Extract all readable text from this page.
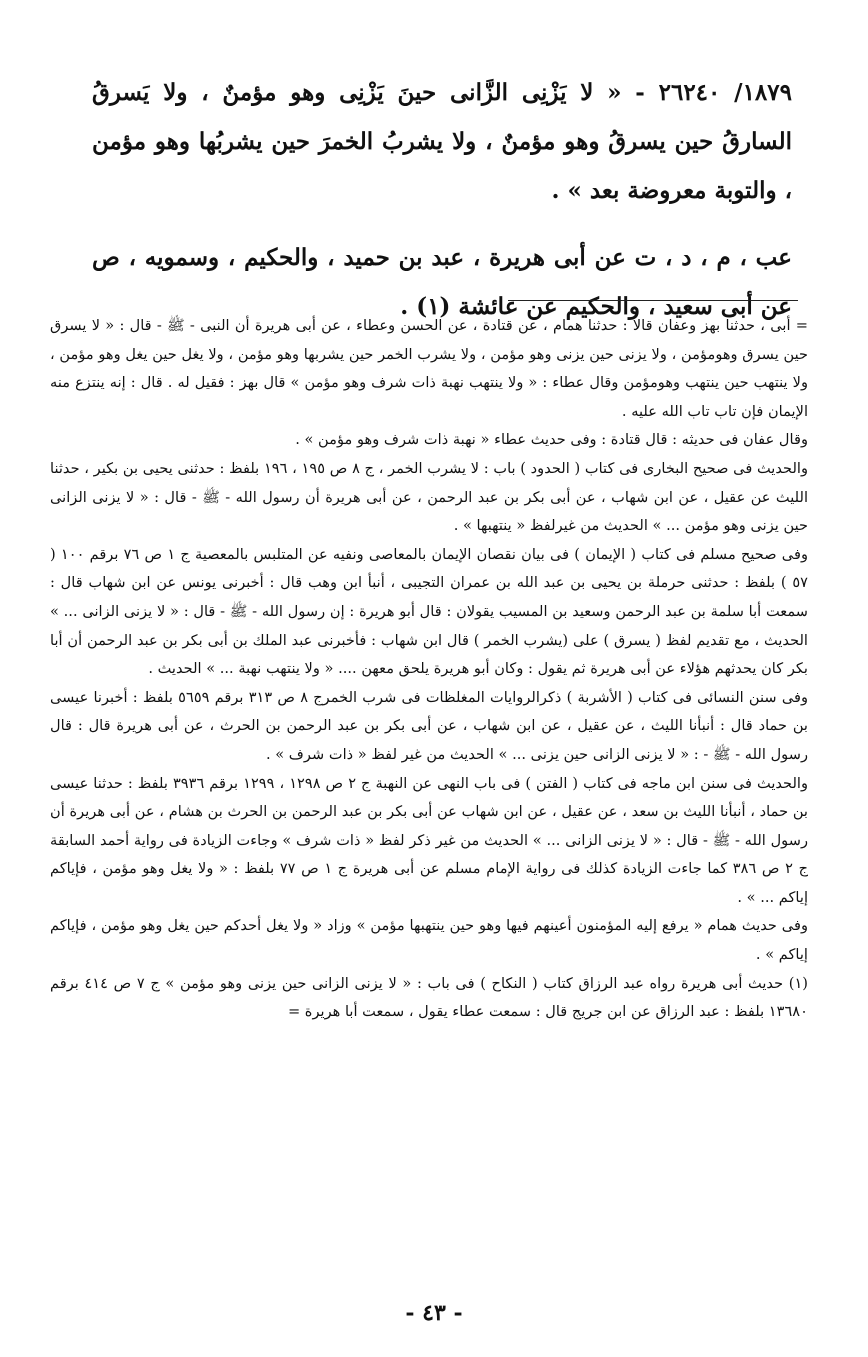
١٨٧٩/ ٢٦٢٤٠ - « لا يَزْنِى الزَّانى حينَ يَزْنِى وهو مؤمنٌ ، ولا يَسرقُ السارقُ حين يسرقُ وهو مؤمنٌ ، ولا يشربُ الخمرَ حين يشربُها وهو مؤمن ، والتوبة معروضة بعد » .

عب ، م ، د ، ت عن أبى هريرة ، عبد بن حميد ، والحكيم ، وسمويه ، ص عن أبى سعيد ، والحكيم عن عائشة (١) .

= أبى ، حدثنا بهز وعفان قالا : حدثنا همام ، عن قتادة ، عن الحسن وعطاء ، عن أبى هريرة أن النبى - ﷺ - قال : « لا يسرق حين يسرق وهومؤمن ، ولا يزنى حين يزنى وهو مؤمن ، ولا يشرب الخمر حين يشربها وهو مؤمن ، ولا يغل حين يغل وهو مؤمن ، ولا ينتهب حين ينتهب وهومؤمن وقال عطاء : « ولا ينتهب نهبة ذات شرف وهو مؤمن » قال بهز : فقيل له . قال : إنه ينتزع منه الإيمان فإن تاب تاب الله عليه .

وقال عفان فى حديثه : قال قتادة : وفى حديث عطاء « نهبة ذات شرف وهو مؤمن » .

والحديث فى صحيح البخارى فى كتاب ( الحدود ) باب : لا يشرب الخمر ، ج ٨ ص ١٩٥ ، ١٩٦ بلفظ : حدثنى يحيى بن بكير ، حدثنا الليث عن عقيل ، عن ابن شهاب ، عن أبى بكر بن عبد الرحمن ، عن أبى هريرة أن رسول الله - ﷺ - قال : « لا يزنى الزانى حين يزنى وهو مؤمن ... » الحديث من غيرلفظ « ينتهبها » .

وفى صحيح مسلم فى كتاب ( الإيمان ) فى بيان نقصان الإيمان بالمعاصى ونفيه عن المتلبس بالمعصية ج ١ ص ٧٦ برقم ١٠٠ ( ٥٧ ) بلفظ : حدثنى حرملة بن يحيى بن عبد الله بن عمران التجيبى ، أنبأ ابن وهب قال : أخبرنى يونس عن ابن شهاب قال : سمعت أبا سلمة بن عبد الرحمن وسعيد بن المسيب يقولان : قال أبو هريرة : إن رسول الله - ﷺ - قال : « لا يزنى الزانى ... » الحديث ، مع تقديم لفظ ( يسرق ) على (يشرب الخمر ) قال ابن شهاب : فأخبرنى عبد الملك بن أبى بكر بن عبد الرحمن أن أبا بكر كان يحدثهم هؤلاء عن أبى هريرة ثم يقول : وكان أبو هريرة يلحق معهن .... « ولا ينتهب نهبة ... » الحديث .

وفى سنن النسائى فى كتاب ( الأشربة ) ذكرالروايات المغلظات فى شرب الخمرج ٨ ص ٣١٣ برقم ٥٦٥٩ بلفظ : أخبرنا عيسى بن حماد قال : أنبأنا الليث ، عن عقيل ، عن ابن شهاب ، عن أبى بكر بن عبد الرحمن بن الحرث ، عن أبى هريرة قال : قال رسول الله - ﷺ - : « لا يزنى الزانى حين يزنى ... » الحديث من غير لفظ « ذات شرف » .

والحديث فى سنن ابن ماجه فى كتاب ( الفتن ) فى باب النهى عن النهبة ج ٢ ص ١٢٩٨ ، ١٢٩٩ برقم ٣٩٣٦ بلفظ : حدثنا عيسى بن حماد ، أنبأنا الليث بن سعد ، عن عقيل ، عن ابن شهاب عن أبى بكر بن عبد الرحمن بن الحرث بن هشام ، عن أبى هريرة أن رسول الله - ﷺ - قال : « لا يزنى الزانى ... » الحديث من غير ذكر لفظ « ذات شرف » وجاءت الزيادة فى رواية أحمد السابقة ج ٢ ص ٣٨٦ كما جاءت الزيادة كذلك فى رواية الإمام مسلم عن أبى هريرة ج ١ ص ٧٧ بلفظ : « ولا يغل وهو مؤمن ، فإياكم إياكم ... » .

وفى حديث همام « يرفع إليه المؤمنون أعينهم فيها وهو حين ينتهبها مؤمن » وزاد « ولا يغل أحدكم حين يغل وهو مؤمن ، فإياكم إياكم » .

(١) حديث أبى هريرة رواه عبد الرزاق كتاب ( النكاح ) فى باب : « لا يزنى الزانى حين يزنى وهو مؤمن » ج ٧ ص ٤١٤ برقم ١٣٦٨٠ بلفظ : عبد الرزاق عن ابن جريج قال : سمعت عطاء يقول ، سمعت أبا هريرة =

- ٤٣ -
